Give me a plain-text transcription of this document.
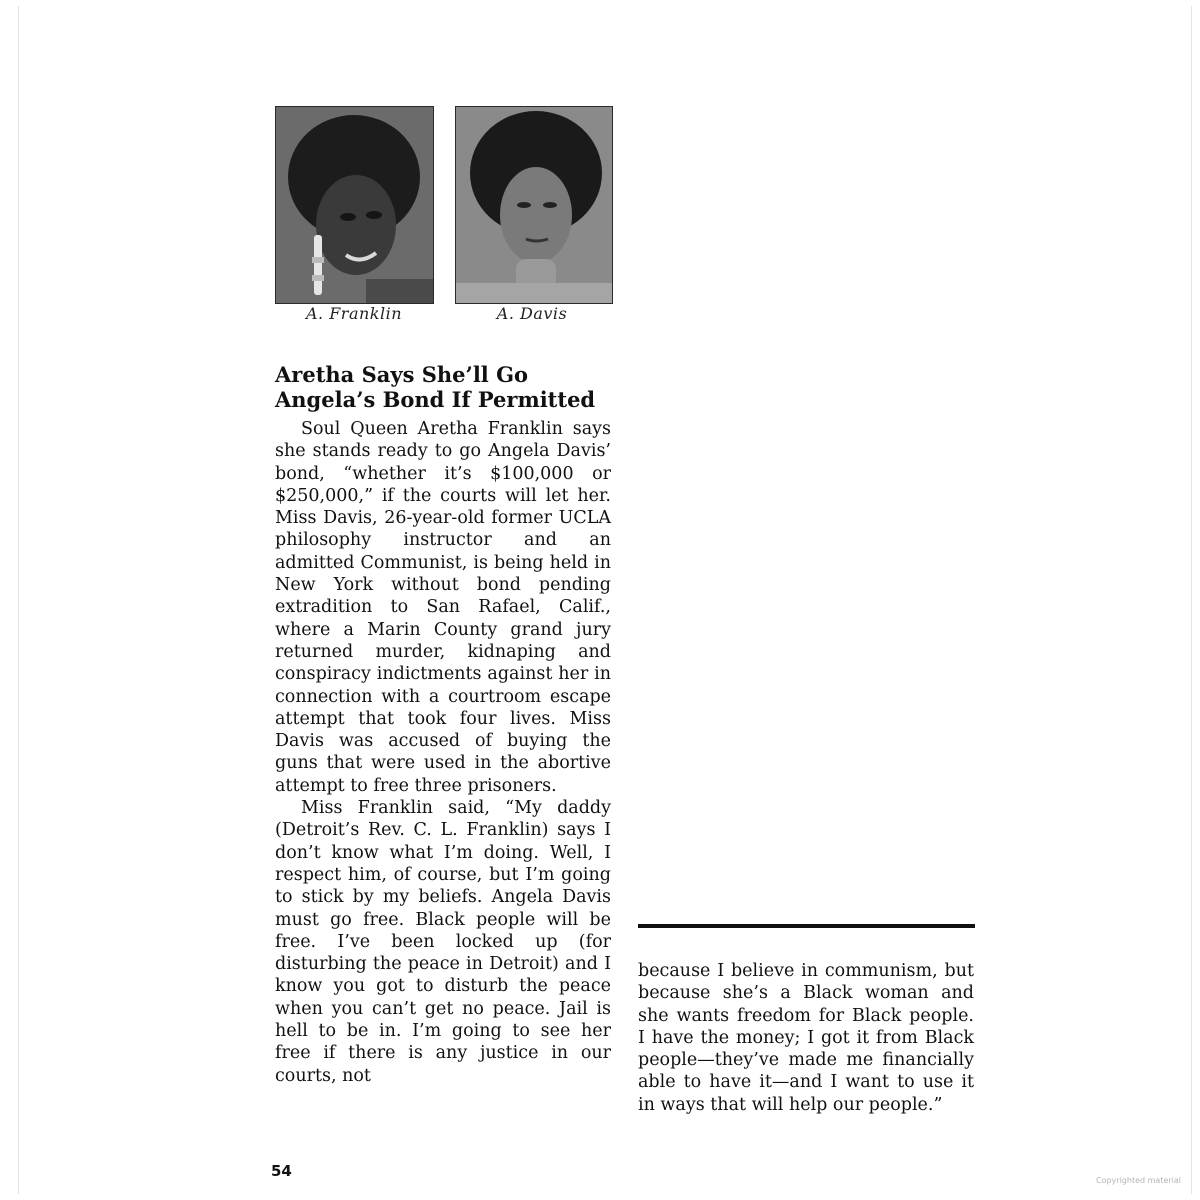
A. Franklin	A. Davis
Aretha Says She’ll Go
Angela’s Bond If Permitted

Soul Queen Aretha Franklin says she stands ready to go Angela Davis’ bond, “whether it’s $100,000 or $250,000,” if the courts will let her. Miss Davis, 26-year-old former UCLA philosophy instructor and an admitted Communist, is being held in New York without bond pending extradition to San Rafael, Calif., where a Marin County grand jury returned murder, kidnaping and conspiracy indictments against her in connection with a courtroom escape attempt that took four lives. Miss Davis was accused of buying the guns that were used in the abortive attempt to free three prisoners.

Miss Franklin said, “My daddy (Detroit’s Rev. C. L. Franklin) says I don’t know what I’m doing. Well, I respect him, of course, but I’m going to stick by my beliefs. Angela Davis must go free. Black people will be free. I’ve been locked up (for disturbing the peace in Detroit) and I know you got to disturb the peace when you can’t get no peace. Jail is hell to be in. I’m going to see her free if there is any justice in our courts, not

because I believe in communism, but because she’s a Black woman and she wants freedom for Black people. I have the money; I got it from Black people—they’ve made me financially able to have it—and I want to use it in ways that will help our people.”

54
Copyrighted material
